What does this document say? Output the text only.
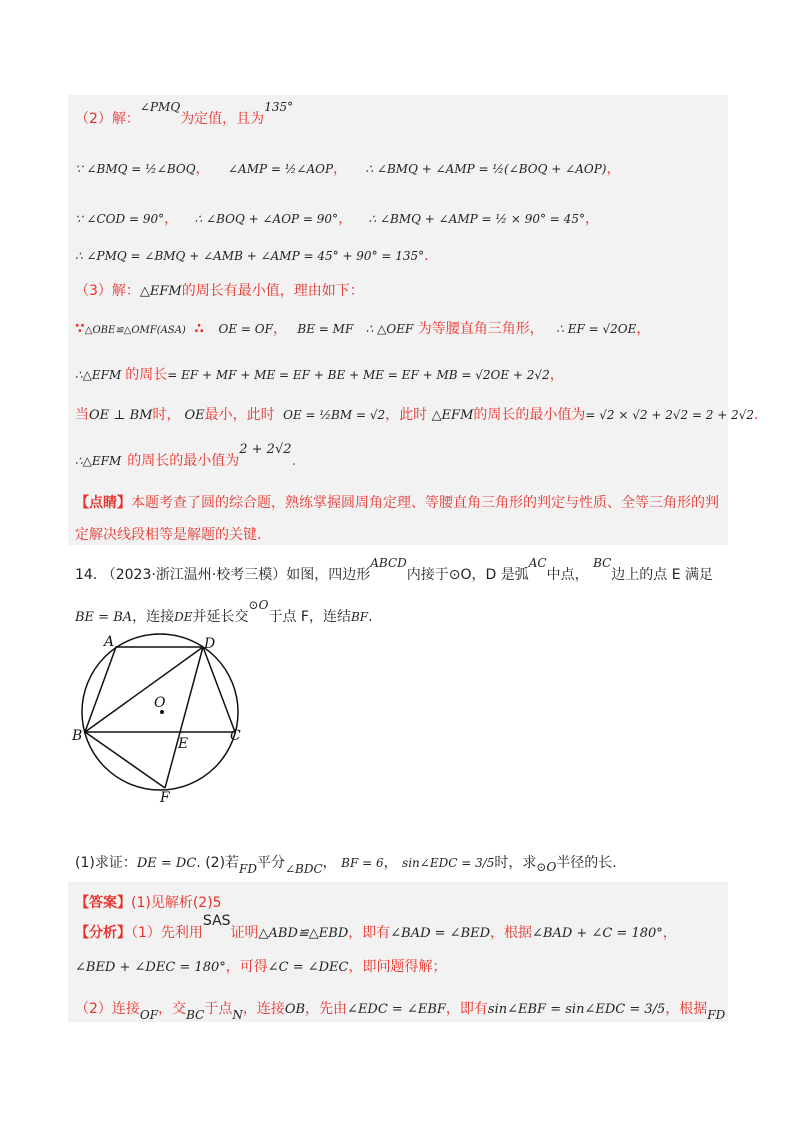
（2）解：∠PMQ为定值，且为135°
∵ ∠BMQ = ½∠BOQ， ∠AMP = ½∠AOP， ∴ ∠BMQ + ∠AMP = ½(∠BOQ + ∠AOP)，
∵ ∠COD = 90°， ∴ ∠BOQ + ∠AOP = 90°， ∴ ∠BMQ + ∠AMP = ½ × 90° = 45°，
∴ ∠PMQ = ∠BMQ + ∠AMB + ∠AMP = 45° + 90° = 135°.
（3）解：△EFM的周长有最小值，理由如下：
∵△OBE≌△OMF(ASA) ∴ OE = OF， BE = MF ∴ △OEF 为等腰直角三角形， ∴ EF = √2OE，
∴△EFM 的周长= EF + MF + ME = EF + BE + ME = EF + MB = √2OE + 2√2，
当OE ⊥ BM时， OE最小，此时 OE = ½BM = √2，此时 △EFM的周长的最小值为= √2 × √2 + 2√2 = 2 + 2√2.
∴△EFM 的周长的最小值为2 + 2√2.
【点睛】本题考查了圆的综合题，熟练掌握圆周角定理、等腰直角三角形的判定与性质、全等三角形的判
定解决线段相等是解题的关键.
14. （2023·浙江温州·校考三模）如图，四边形ABCD内接于⊙O，D 是弧AC中点， BC边上的点 E 满足
BE = BA，连接DE并延长交⊙O于点 F，连结BF.
A	D
O
B	E	C
F
(1)求证：DE = DC. (2)若FD平分∠BDC， BF = 6， sin∠EDC = 3/5时，求⊙O半径的长.
【答案】(1)见解析(2)5
【分析】（1）先利用SAS证明△ABD≌△EBD，即有∠BAD = ∠BED，根据∠BAD + ∠C = 180°，
∠BED + ∠DEC = 180°，可得∠C = ∠DEC，即问题得解；
（2）连接OF，交BC于点N，连接OB，先由∠EDC = ∠EBF，即有sin∠EBF = sin∠EDC = 3/5，根据FD
